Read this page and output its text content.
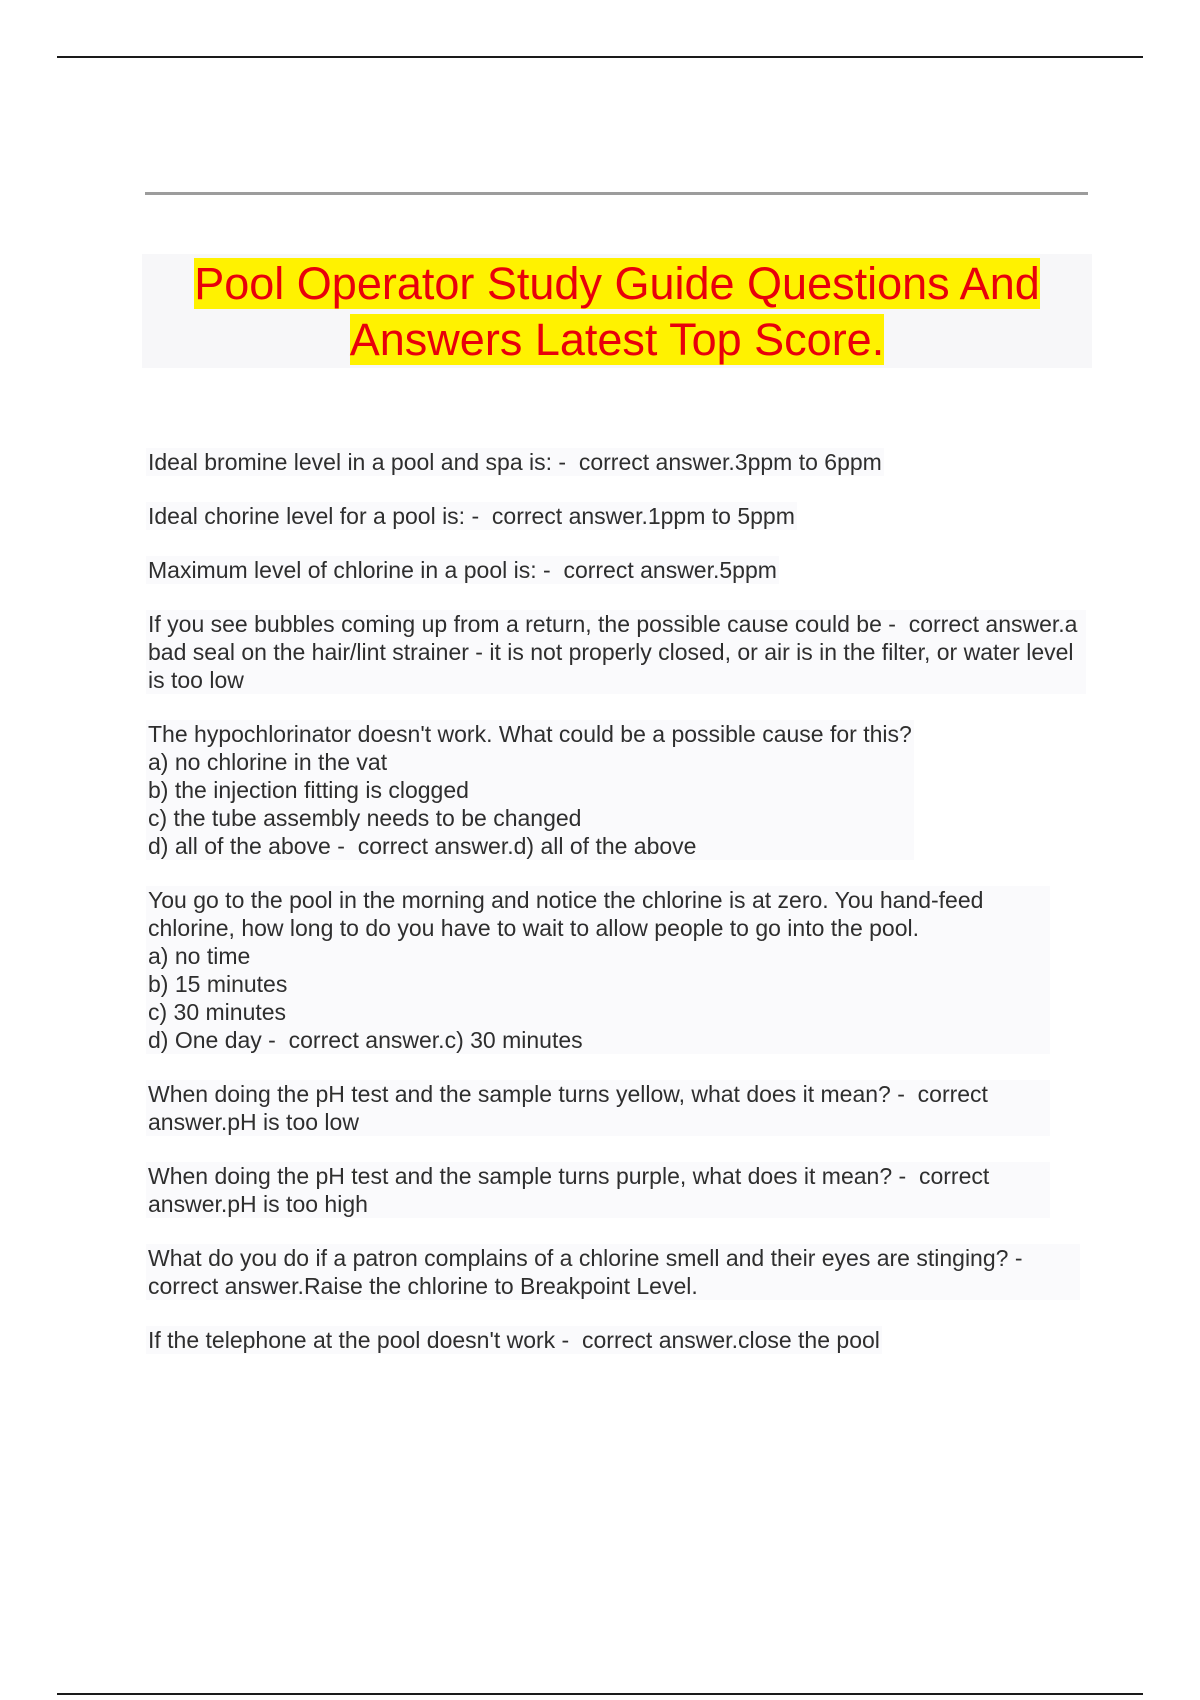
Pool Operator Study Guide Questions And
Answers Latest Top Score.
Ideal bromine level in a pool and spa is: -  correct answer.3ppm to 6ppm
Ideal chorine level for a pool is: -  correct answer.1ppm to 5ppm
Maximum level of chlorine in a pool is: -  correct answer.5ppm
If you see bubbles coming up from a return, the possible cause could be -  correct answer.a bad seal on the hair/lint strainer - it is not properly closed, or air is in the filter, or water level is too low
The hypochlorinator doesn't work. What could be a possible cause for this?
a) no chlorine in the vat
b) the injection fitting is clogged
c) the tube assembly needs to be changed
d) all of the above -  correct answer.d) all of the above
You go to the pool in the morning and notice the chlorine is at zero. You hand-feed chlorine, how long to do you have to wait to allow people to go into the pool.
a) no time
b) 15 minutes
c) 30 minutes
d) One day -  correct answer.c) 30 minutes
When doing the pH test and the sample turns yellow, what does it mean? -  correct answer.pH is too low
When doing the pH test and the sample turns purple, what does it mean? -  correct answer.pH is too high
What do you do if a patron complains of a chlorine smell and their eyes are stinging? -  correct answer.Raise the chlorine to Breakpoint Level.
If the telephone at the pool doesn't work -  correct answer.close the pool
